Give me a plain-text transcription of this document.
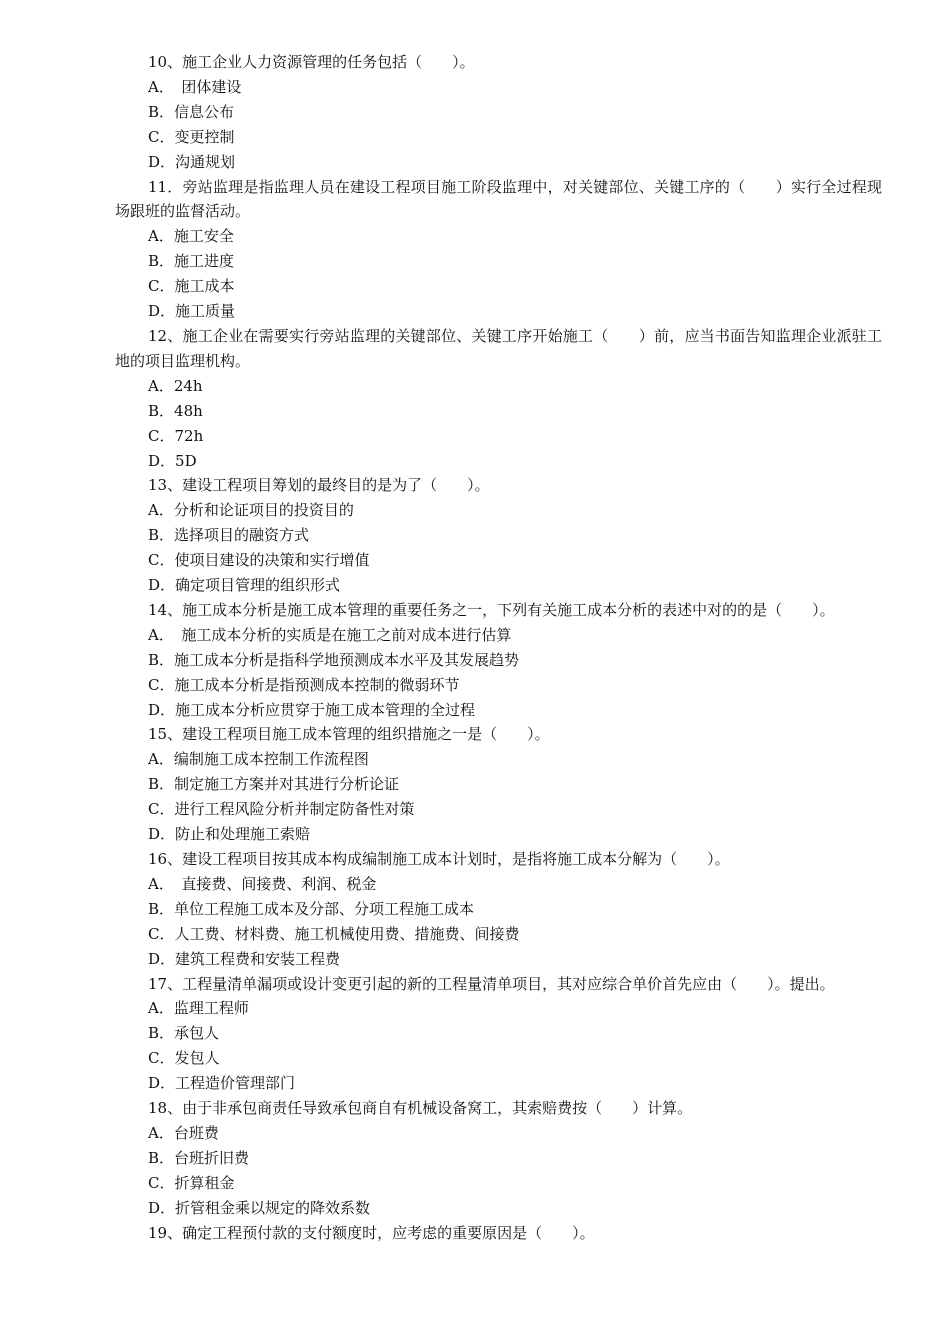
10、施工企业人力资源管理的任务包括（　　）。

A．　团体建设

B．信息公布

C．变更控制

D．沟通规划

11．旁站监理是指监理人员在建设工程项目施工阶段监理中，对关键部位、关键工序的（　　）实行全过程现场跟班的监督活动。

A．施工安全

B．施工进度

C．施工成本

D．施工质量

12、施工企业在需要实行旁站监理的关键部位、关键工序开始施工（　　）前，应当书面告知监理企业派驻工地的项目监理机构。

A．24h

B．48h

C．72h

D．5D

13、建设工程项目筹划的最终目的是为了（　　）。

A．分析和论证项目的投资目的

B．选择项目的融资方式

C．使项目建设的决策和实行增值

D．确定项目管理的组织形式

14、施工成本分析是施工成本管理的重要任务之一，下列有关施工成本分析的表述中对的的是（　　）。

A．　施工成本分析的实质是在施工之前对成本进行估算

B．施工成本分析是指科学地预测成本水平及其发展趋势

C．施工成本分析是指预测成本控制的微弱环节

D．施工成本分析应贯穿于施工成本管理的全过程

15、建设工程项目施工成本管理的组织措施之一是（　　）。

A．编制施工成本控制工作流程图

B．制定施工方案并对其进行分析论证

C．进行工程风险分析并制定防备性对策

D．防止和处理施工索赔

16、建设工程项目按其成本构成编制施工成本计划时，是指将施工成本分解为（　　）。

A．　直接费、间接费、利润、税金

B．单位工程施工成本及分部、分项工程施工成本

C．人工费、材料费、施工机械使用费、措施费、间接费

D．建筑工程费和安装工程费

17、工程量清单漏项或设计变更引起的新的工程量清单项目，其对应综合单价首先应由（　　）。提出。

A．监理工程师

B．承包人

C．发包人

D．工程造价管理部门

18、由于非承包商责任导致承包商自有机械设备窝工，其索赔费按（　　）计算。

A．台班费

B．台班折旧费

C．折算租金

D．折管租金乘以规定的降效系数

19、确定工程预付款的支付额度时，应考虑的重要原因是（　　）。
